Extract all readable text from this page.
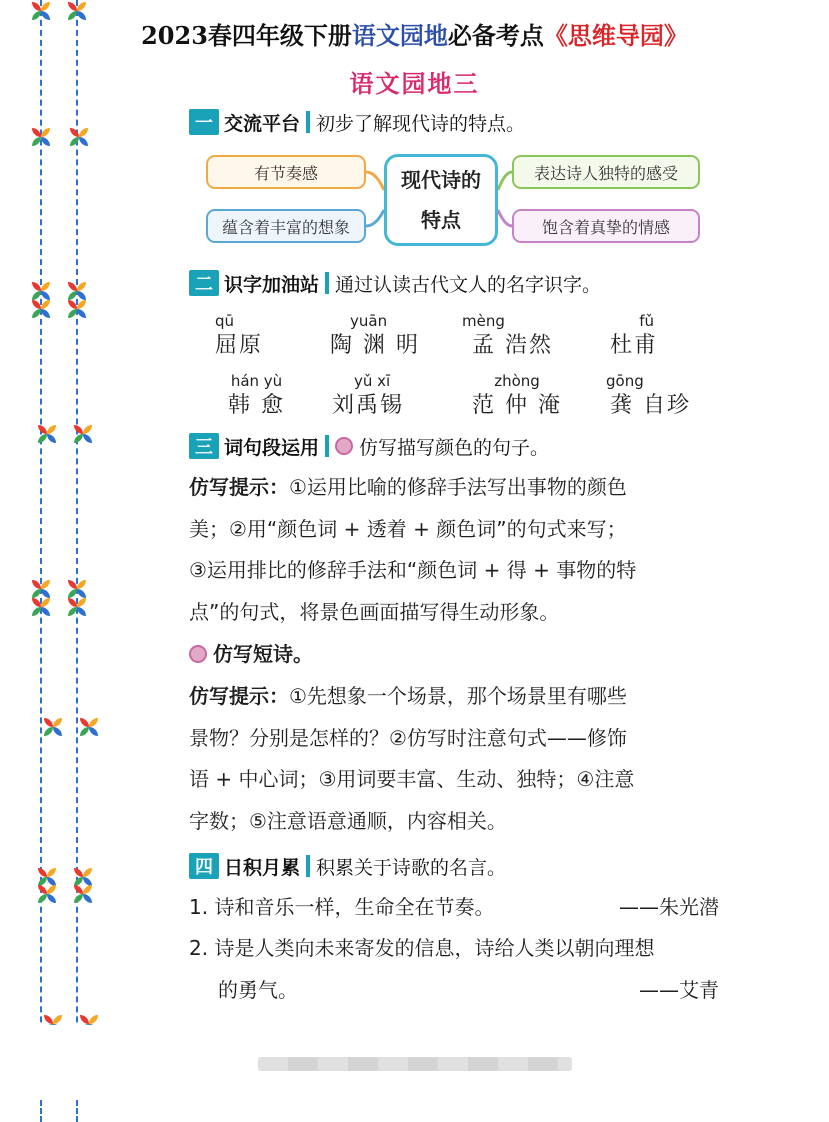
2023春四年级下册语文园地必备考点《思维导园》
语文园地三
一 交流平台 初步了解现代诗的特点。
有节奏感
蕴含着丰富的想象
现代诗的
特点
表达诗人独特的感受
饱含着真挚的情感
二 识字加油站 通过认读古代文人的名字识字。
qū
屈原
yuān
陶 渊 明
mèng
孟 浩然
fǔ
杜甫
hán yù
韩 愈
yǔ xī
刘禹锡
zhòng
范 仲 淹
gōng
龚 自珍
三 词句段运用 仿写描写颜色的句子。
仿写提示：①运用比喻的修辞手法写出事物的颜色
美；②用“颜色词 + 透着 + 颜色词”的句式来写；
③运用排比的修辞手法和“颜色词 + 得 + 事物的特
点”的句式，将景色画面描写得生动形象。
仿写短诗。
仿写提示：①先想象一个场景，那个场景里有哪些
景物？分别是怎样的？②仿写时注意句式——修饰
语 + 中心词；③用词要丰富、生动、独特；④注意
字数；⑤注意语意通顺，内容相关。
四 日积月累 积累关于诗歌的名言。
1. 诗和音乐一样，生命全在节奏。	——朱光潜
2. 诗是人类向未来寄发的信息，诗给人类以朝向理想
的勇气。	——艾青
